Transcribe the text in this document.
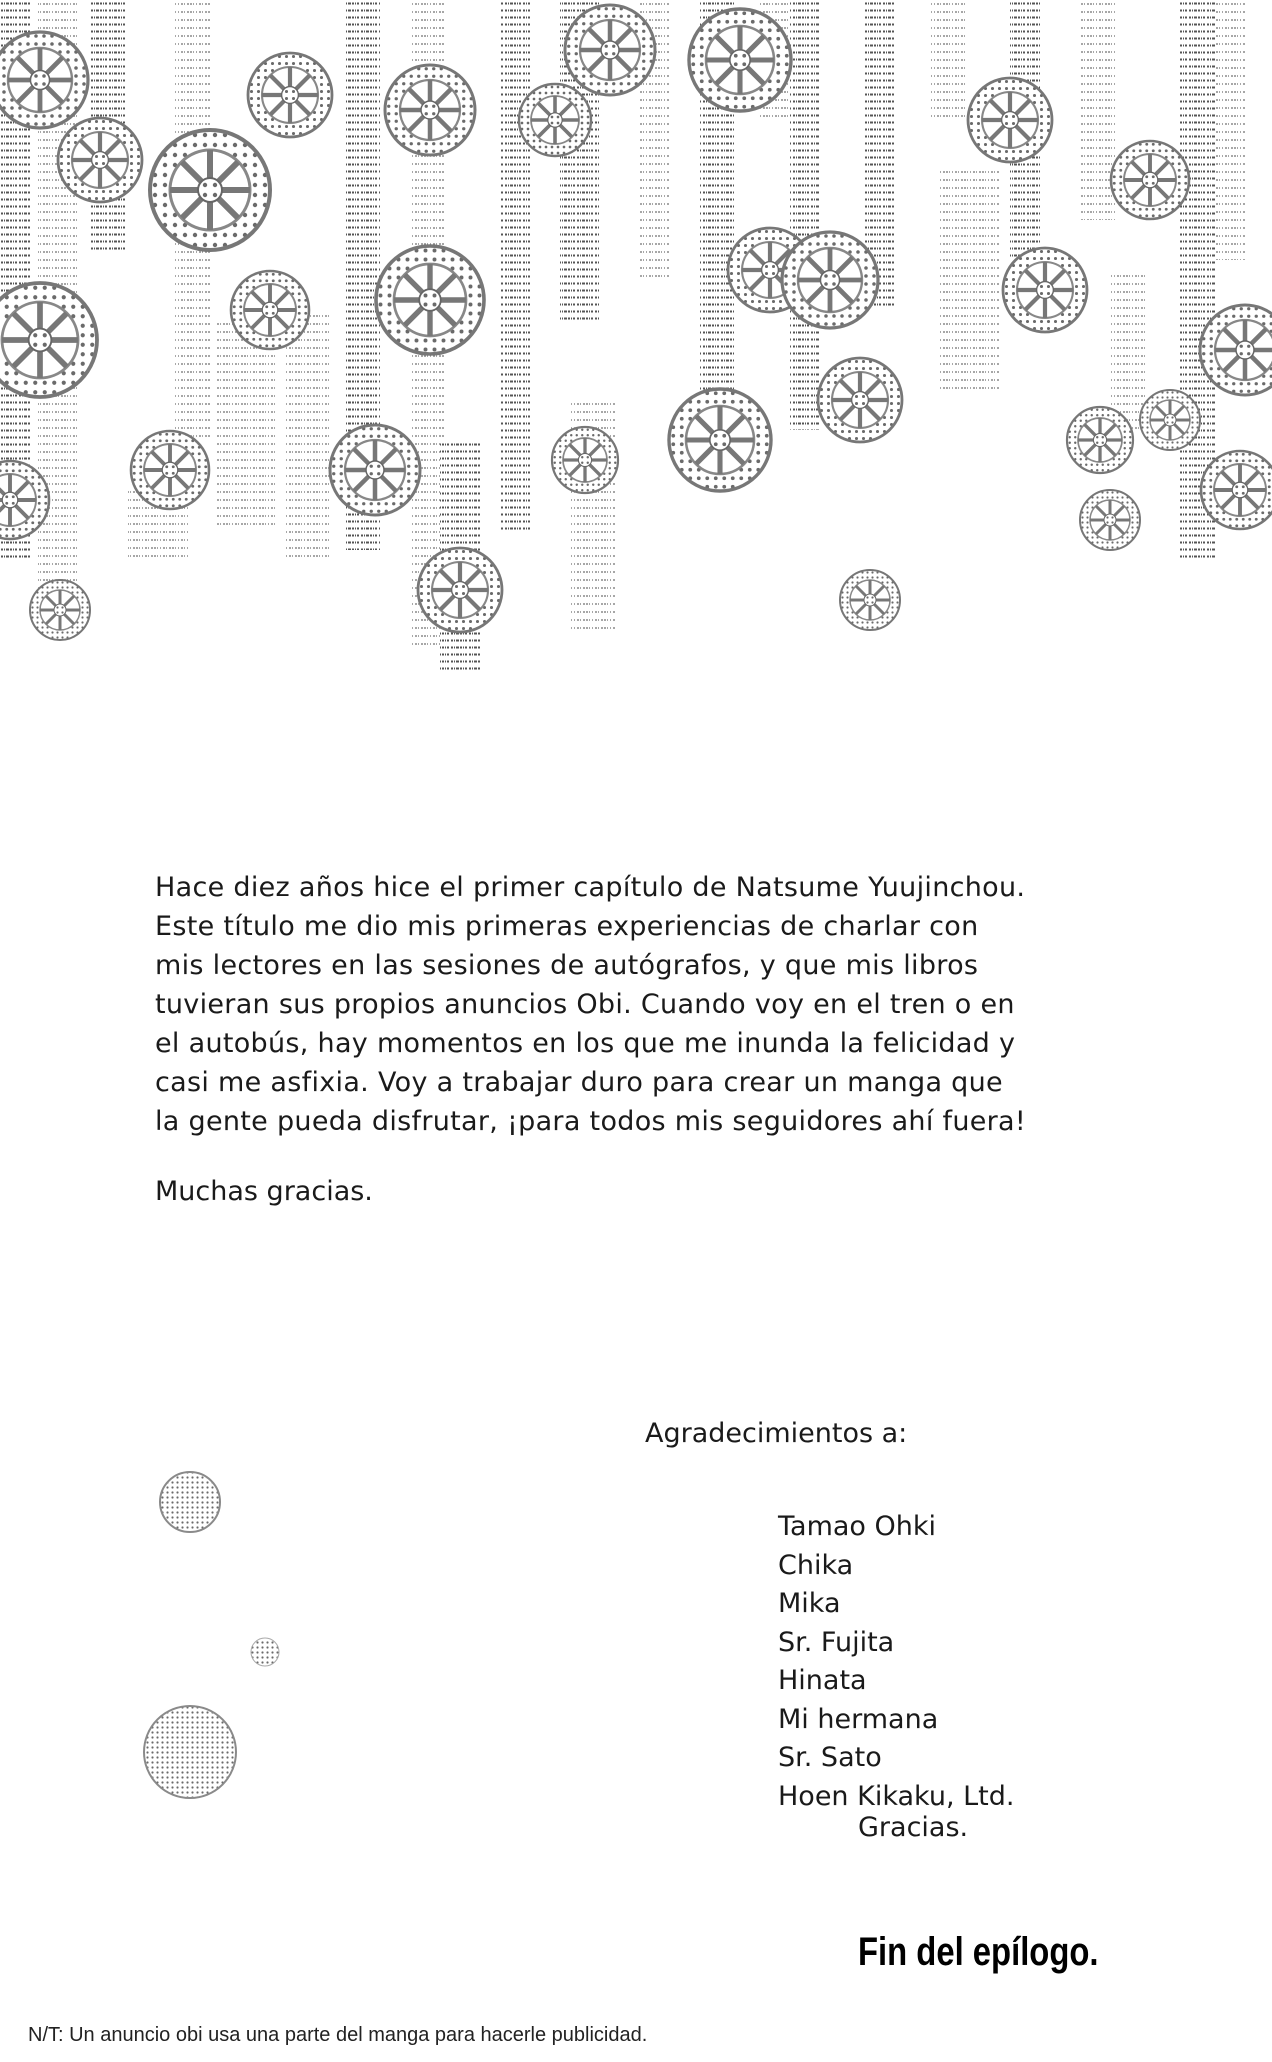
Hace diez años hice el primer capítulo de Natsume Yuujinchou.

Este título me dio mis primeras experiencias de charlar con

mis lectores en las sesiones de autógrafos, y que mis libros

tuvieran sus propios anuncios Obi. Cuando voy en el tren o en

el autobús, hay momentos en los que me inunda la felicidad y

casi me asfixia. Voy a trabajar duro para crear un manga que

la gente pueda disfrutar, ¡para todos mis seguidores ahí fuera!

Muchas gracias.
Agradecimientos a:
Tamao Ohki
Chika
Mika
Sr. Fujita
Hinata
Mi hermana
Sr. Sato
Hoen Kikaku, Ltd.
Gracias.
Fin del epílogo.
N/T: Un anuncio obi usa una parte del manga para hacerle publicidad.
